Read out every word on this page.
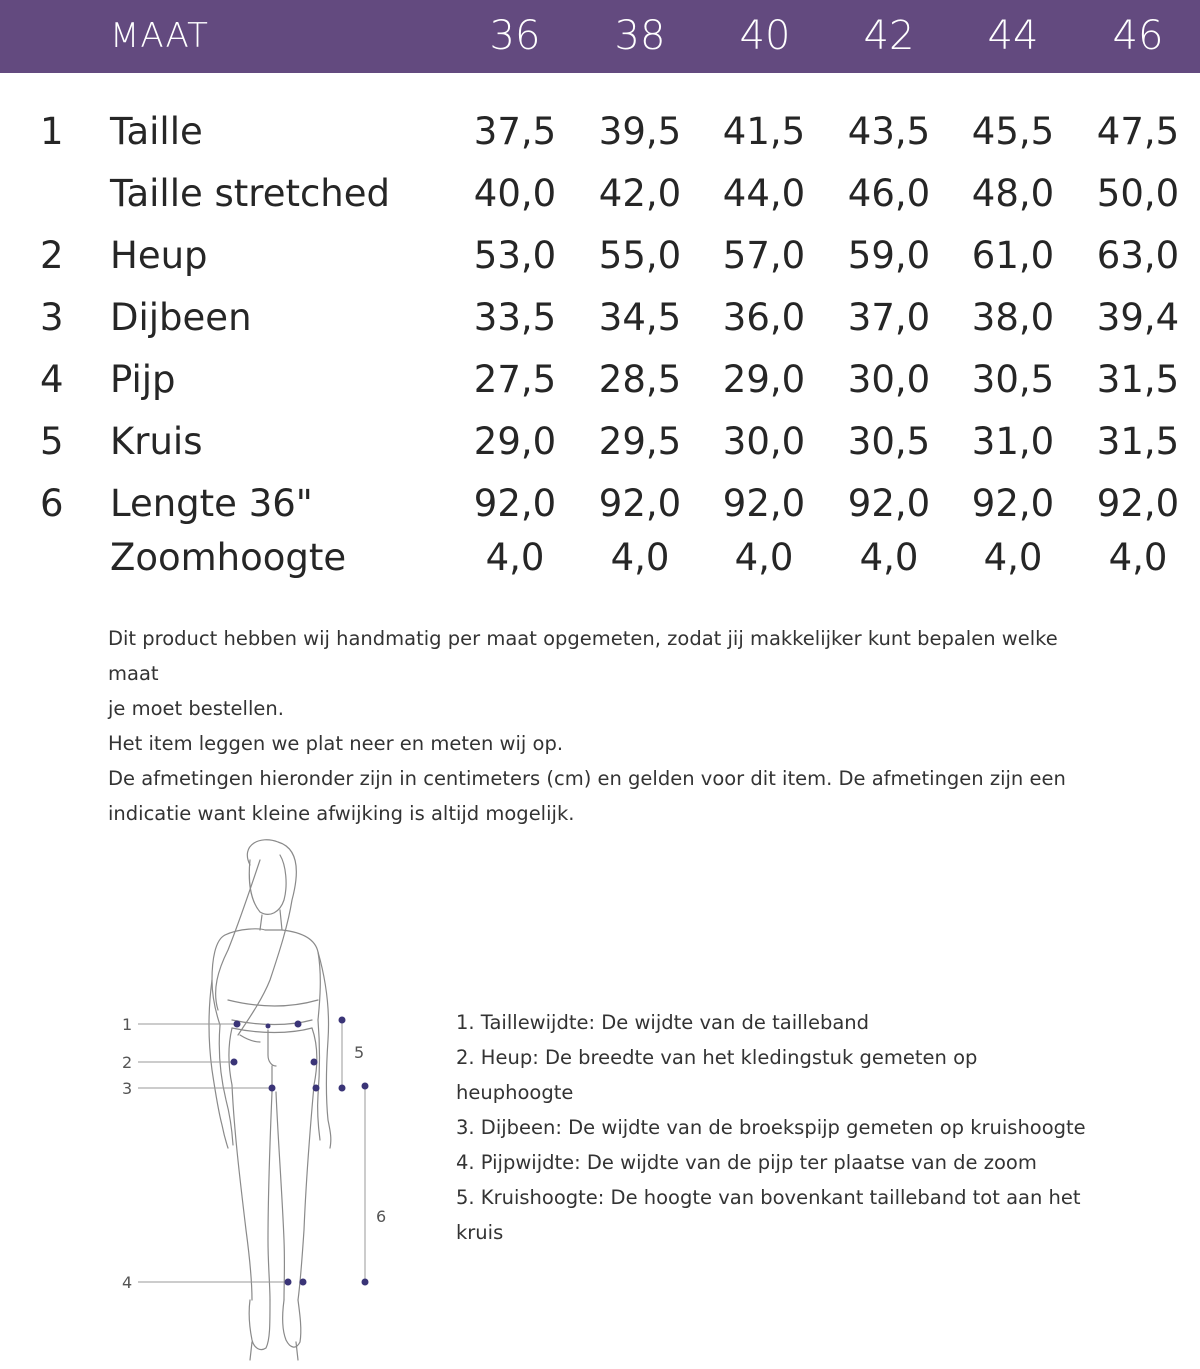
MAAT	36	38	40	42	44	46
1 Taille	37,5	39,5	41,5	43,5	45,5	47,5
Taille stretched	40,0	42,0	44,0	46,0	48,0	50,0
2 Heup	53,0	55,0	57,0	59,0	61,0	63,0
3 Dijbeen	33,5	34,5	36,0	37,0	38,0	39,4
4 Pijp	27,5	28,5	29,0	30,0	30,5	31,5
5 Kruis	29,0	29,5	30,0	30,5	31,0	31,5
6 Lengte 36"	92,0	92,0	92,0	92,0	92,0	92,0
Zoomhoogte	4,0	4,0	4,0	4,0	4,0	4,0
Dit product hebben wij handmatig per maat opgemeten, zodat jij makkelijker kunt bepalen welke maat
je moet bestellen.
Het item leggen we plat neer en meten wij op.
De afmetingen hieronder zijn in centimeters (cm) en gelden voor dit item. De afmetingen zijn een
indicatie want kleine afwijking is altijd mogelijk.
1
2
3
4
5
6
1. Taillewijdte: De wijdte van de tailleband
2. Heup: De breedte van het kledingstuk gemeten op
heuphoogte
3. Dijbeen: De wijdte van de broekspijp gemeten op kruishoogte
4. Pijpwijdte: De wijdte van de pijp ter plaatse van de zoom
5. Kruishoogte: De hoogte van bovenkant tailleband tot aan het
kruis
